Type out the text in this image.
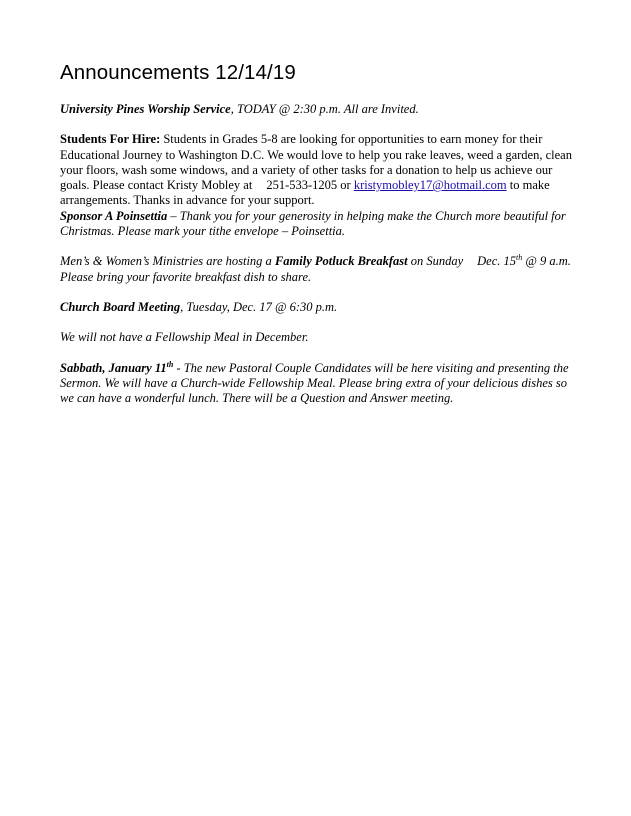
Announcements 12/14/19

University Pines Worship Service, TODAY @ 2:30 p.m. All are Invited.

Students For Hire: Students in Grades 5-8 are looking for opportunities to earn money for their Educational Journey to Washington D.C. We would love to help you rake leaves, weed a garden, clean your floors, wash some windows, and a variety of other tasks for a donation to help us achieve our goals. Please contact Kristy Mobley at 251-533-1205 or kristymobley17@hotmail.com to make arrangements. Thanks in advance for your support.

Sponsor A Poinsettia – Thank you for your generosity in helping make the Church more beautiful for Christmas. Please mark your tithe envelope – Poinsettia.

Men’s & Women’s Ministries are hosting a Family Potluck Breakfast on Sunday Dec. 15th @ 9 a.m. Please bring your favorite breakfast dish to share.

Church Board Meeting, Tuesday, Dec. 17 @ 6:30 p.m.

We will not have a Fellowship Meal in December.

Sabbath, January 11th - The new Pastoral Couple Candidates will be here visiting and presenting the Sermon. We will have a Church-wide Fellowship Meal. Please bring extra of your delicious dishes so we can have a wonderful lunch. There will be a Question and Answer meeting.
